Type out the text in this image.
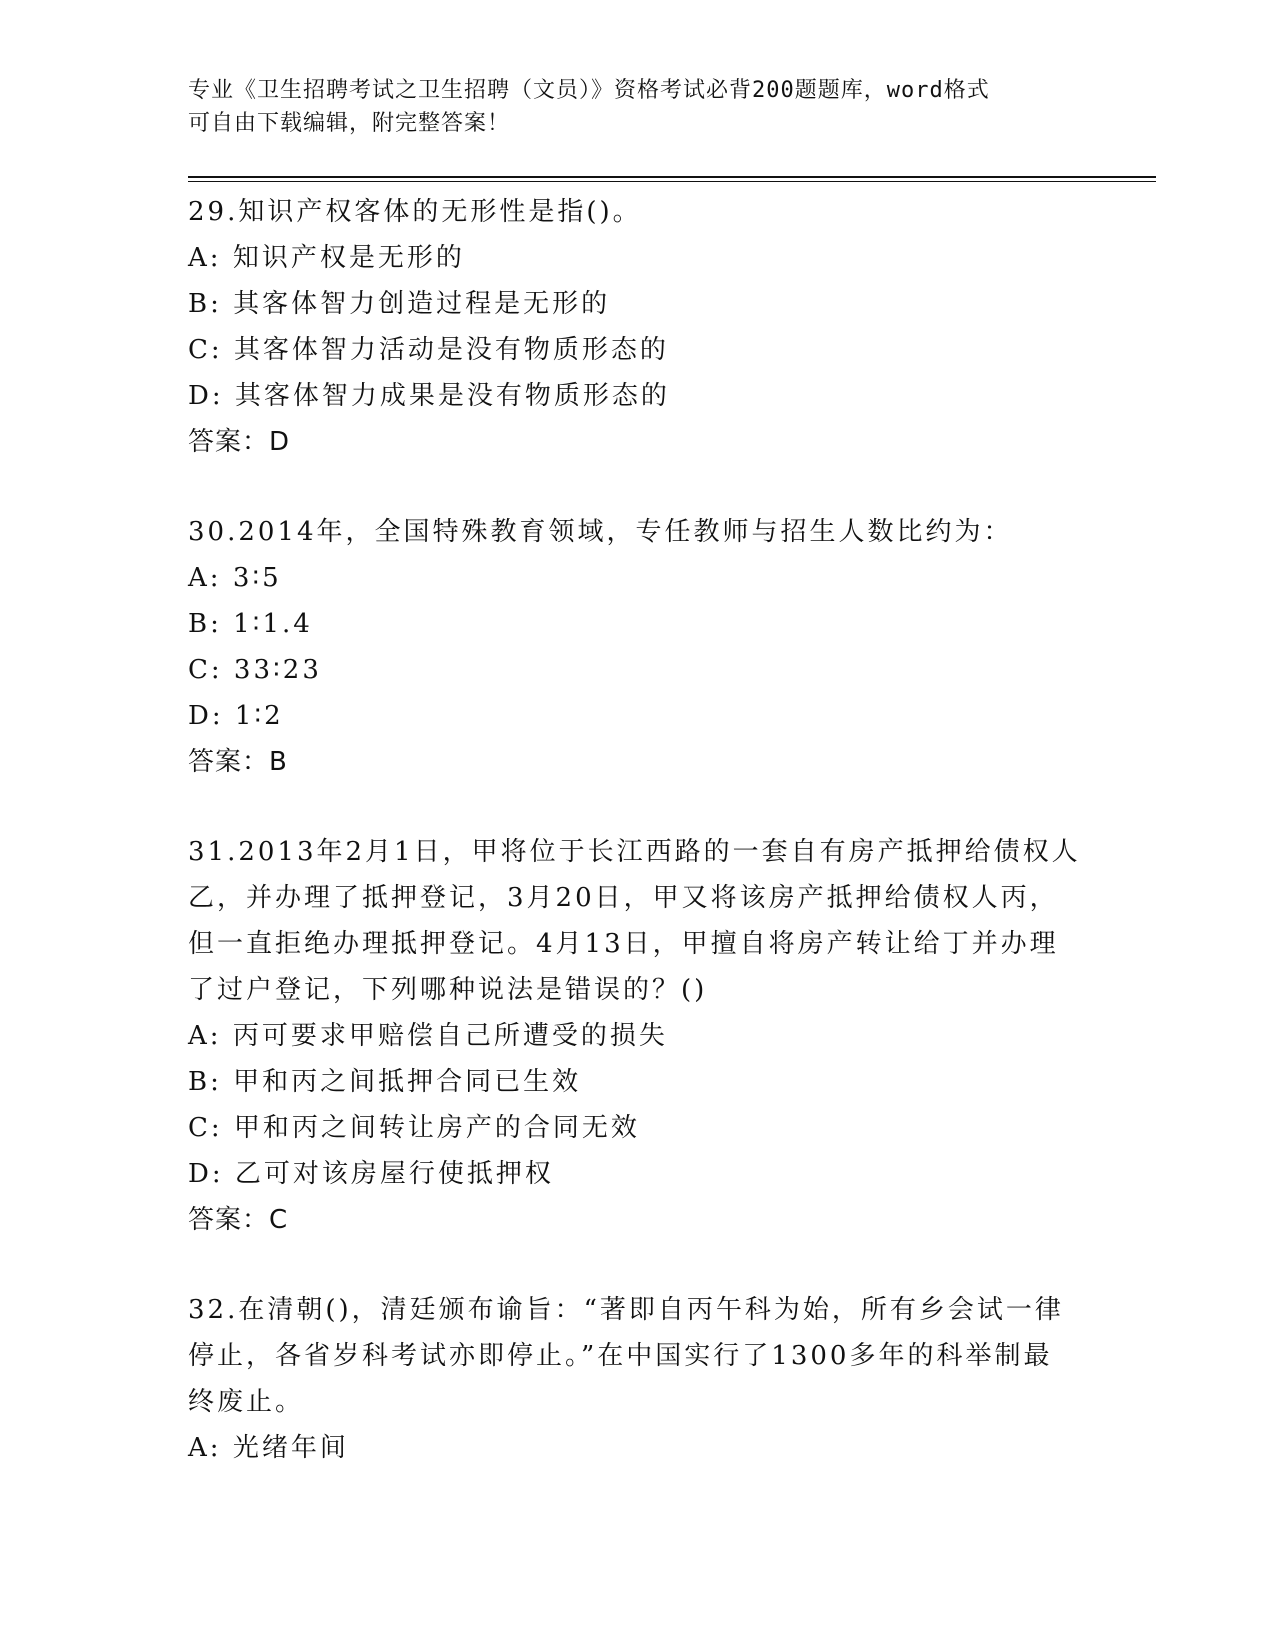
专业《卫生招聘考试之卫生招聘（文员）》资格考试必背200题题库，word格式
可自由下载编辑，附完整答案！
29.知识产权客体的无形性是指()。
A: 知识产权是无形的
B: 其客体智力创造过程是无形的
C: 其客体智力活动是没有物质形态的
D: 其客体智力成果是没有物质形态的
答案：D
30.2014年，全国特殊教育领域，专任教师与招生人数比约为：
A: 3∶5
B: 1∶1.4
C: 33∶23
D: 1∶2
答案：B
31.2013年2月1日，甲将位于长江西路的一套自有房产抵押给债权人
乙，并办理了抵押登记，3月20日，甲又将该房产抵押给债权人丙，
但一直拒绝办理抵押登记。4月13日，甲擅自将房产转让给丁并办理
了过户登记，下列哪种说法是错误的？()
A: 丙可要求甲赔偿自己所遭受的损失
B: 甲和丙之间抵押合同已生效
C: 甲和丙之间转让房产的合同无效
D: 乙可对该房屋行使抵押权
答案：C
32.在清朝()，清廷颁布谕旨：“著即自丙午科为始，所有乡会试一律
停止，各省岁科考试亦即停止。”在中国实行了1300多年的科举制最
终废止。
A: 光绪年间
